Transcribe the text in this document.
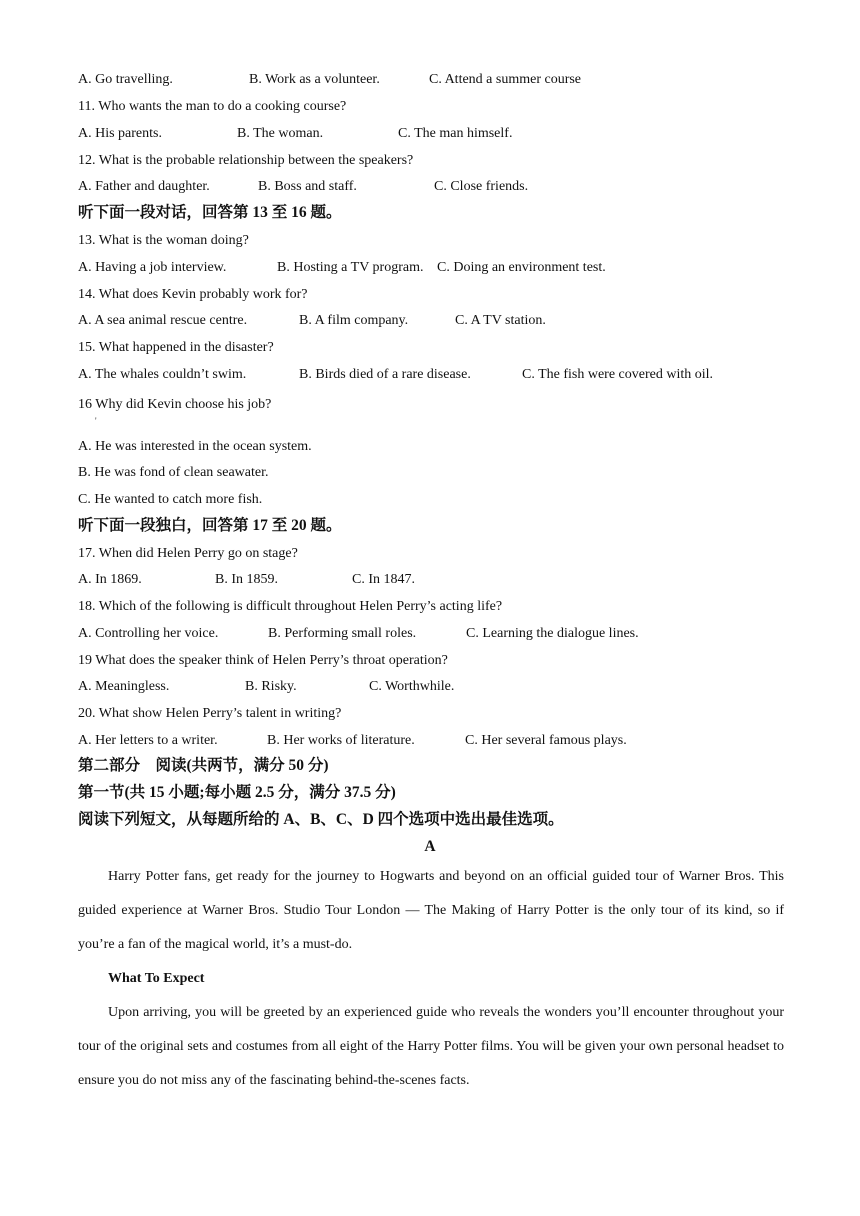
A. Go travelling.	B. Work as a volunteer.	C. Attend a summer course
11. Who wants the man to do a cooking course?
A. His parents.	B. The woman.	C. The man himself.
12. What is the probable relationship between the speakers?
A. Father and daughter.	B. Boss and staff.	C. Close friends.
听下面一段对话，回答第 13 至 16 题。
13. What is the woman doing?
A. Having a job interview.	B. Hosting a TV program. C. Doing an environment test.
14. What does Kevin probably work for?
A. A sea animal rescue centre.	B. A film company.	C. A TV station.
15. What happened in the disaster?
A. The whales couldn’t swim.	B. Birds died of a rare disease.	C. The fish were covered with oil.
16 Why did Kevin choose his job?
'
A. He was interested in the ocean system.
B. He was fond of clean seawater.
C. He wanted to catch more fish.
听下面一段独白，回答第 17 至 20 题。
17. When did Helen Perry go on stage?
A. In 1869.	B. In 1859.	C. In 1847.
18. Which of the following is difficult throughout Helen Perry’s acting life?
A. Controlling her voice.	B. Performing small roles.	C. Learning the dialogue lines.
19 What does the speaker think of Helen Perry’s throat operation?
A. Meaningless.	B. Risky.	C. Worthwhile.
20. What show Helen Perry’s talent in writing?
A. Her letters to a writer.	B. Her works of literature.	C. Her several famous plays.
第二部分　阅读(共两节，满分 50 分)
第一节(共 15 小题;每小题 2.5 分，满分 37.5 分)
阅读下列短文，从每题所给的 A、B、C、D 四个选项中选出最佳选项。
A

Harry Potter fans, get ready for the journey to Hogwarts and beyond on an official guided tour of Warner Bros. This guided experience at Warner Bros. Studio Tour London — The Making of Harry Potter is the only tour of its kind, so if you’re a fan of the magical world, it’s a must-do.

What To Expect

Upon arriving, you will be greeted by an experienced guide who reveals the wonders you’ll encounter throughout your tour of the original sets and costumes from all eight of the Harry Potter films. You will be given your own personal headset to ensure you do not miss any of the fascinating behind-the-scenes facts.
